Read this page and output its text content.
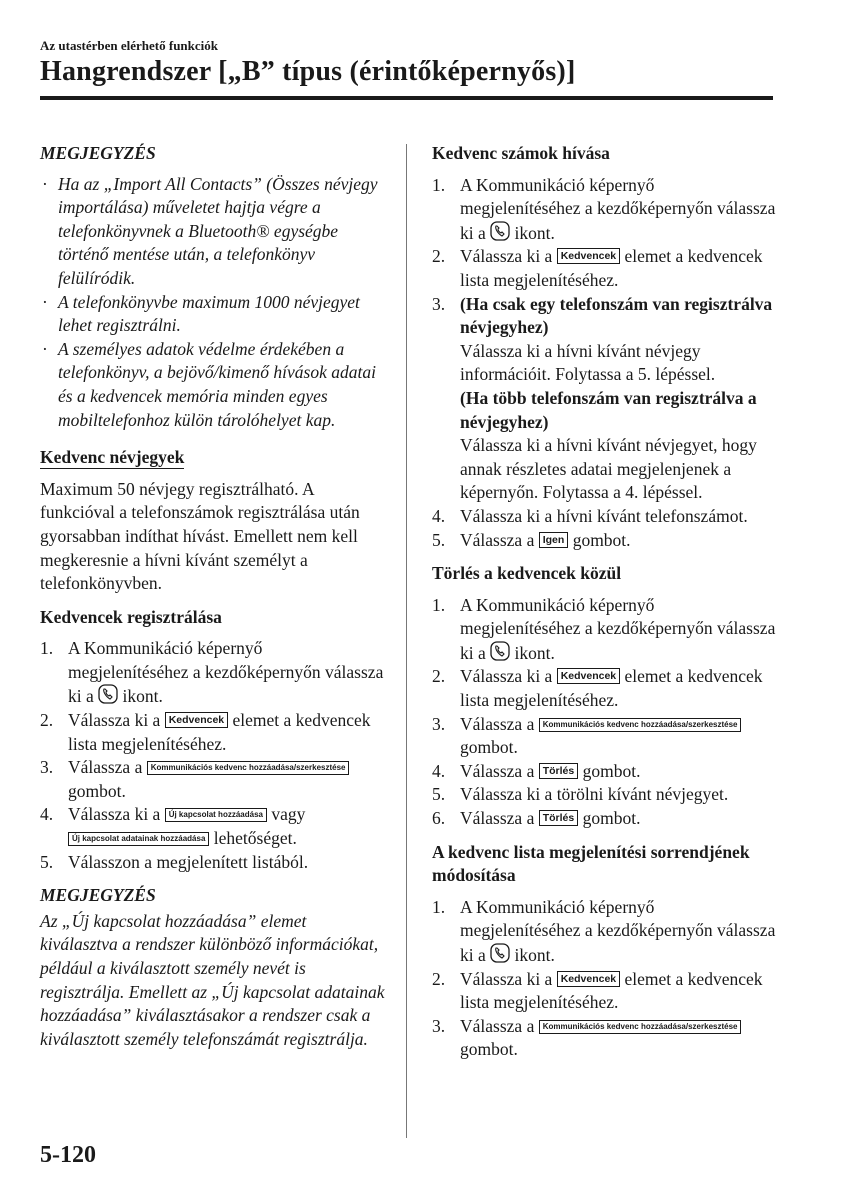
Az utastérben elérhető funkciók
Hangrendszer [„B” típus (érintőképernyős)]
MEGJEGYZÉS
· Ha az „Import All Contacts” (Összes névjegy importálása) műveletet hajtja végre a telefonkönyvnek a Bluetooth® egységbe történő mentése után, a telefonkönyv felülíródik.
· A telefonkönyvbe maximum 1000 névjegyet lehet regisztrálni.
· A személyes adatok védelme érdekében a telefonkönyv, a bejövő/kimenő hívások adatai és a kedvencek memória minden egyes mobiltelefonhoz külön tárolóhelyet kap.
Kedvenc névjegyek

Maximum 50 névjegy regisztrálható. A funkcióval a telefonszámok regisztrálása után gyorsabban indíthat hívást. Emellett nem kell megkeresnie a hívni kívánt személyt a telefonkönyvben.

Kedvencek regisztrálása
1. A Kommunikáció képernyő megjelenítéséhez a kezdőképernyőn válassza ki a  ikont.
2. Válassza ki a Kedvencek elemet a kedvencek lista megjelenítéséhez.
3. Válassza a Kommunikációs kedvenc hozzáadása/szerkesztése gombot.
4. Válassza ki a Új kapcsolat hozzáadása vagy Új kapcsolat adatainak hozzáadása lehetőséget.
5. Válasszon a megjelenített listából.
MEGJEGYZÉS

Az „Új kapcsolat hozzáadása” elemet kiválasztva a rendszer különböző információkat, például a kiválasztott személy nevét is regisztrálja. Emellett az „Új kapcsolat adatainak hozzáadása” kiválasztásakor a rendszer csak a kiválasztott személy telefonszámát regisztrálja.

Kedvenc számok hívása
1. A Kommunikáció képernyő megjelenítéséhez a kezdőképernyőn válassza ki a  ikont.
2. Válassza ki a Kedvencek elemet a kedvencek lista megjelenítéséhez.
3. (Ha csak egy telefonszám van regisztrálva névjegyhez)
Válassza ki a hívni kívánt névjegy információit. Folytassa a 5. lépéssel.
(Ha több telefonszám van regisztrálva a névjegyhez)
Válassza ki a hívni kívánt névjegyet, hogy annak részletes adatai megjelenjenek a képernyőn. Folytassa a 4. lépéssel.
4. Válassza ki a hívni kívánt telefonszámot.
5. Válassza a Igen gombot.
Törlés a kedvencek közül
1. A Kommunikáció képernyő megjelenítéséhez a kezdőképernyőn válassza ki a  ikont.
2. Válassza ki a Kedvencek elemet a kedvencek lista megjelenítéséhez.
3. Válassza a Kommunikációs kedvenc hozzáadása/szerkesztése gombot.
4. Válassza a Törlés gombot.
5. Válassza ki a törölni kívánt névjegyet.
6. Válassza a Törlés gombot.
A kedvenc lista megjelenítési sorrendjének módosítása
1. A Kommunikáció képernyő megjelenítéséhez a kezdőképernyőn válassza ki a  ikont.
2. Válassza ki a Kedvencek elemet a kedvencek lista megjelenítéséhez.
3. Válassza a Kommunikációs kedvenc hozzáadása/szerkesztése gombot.
5-120
